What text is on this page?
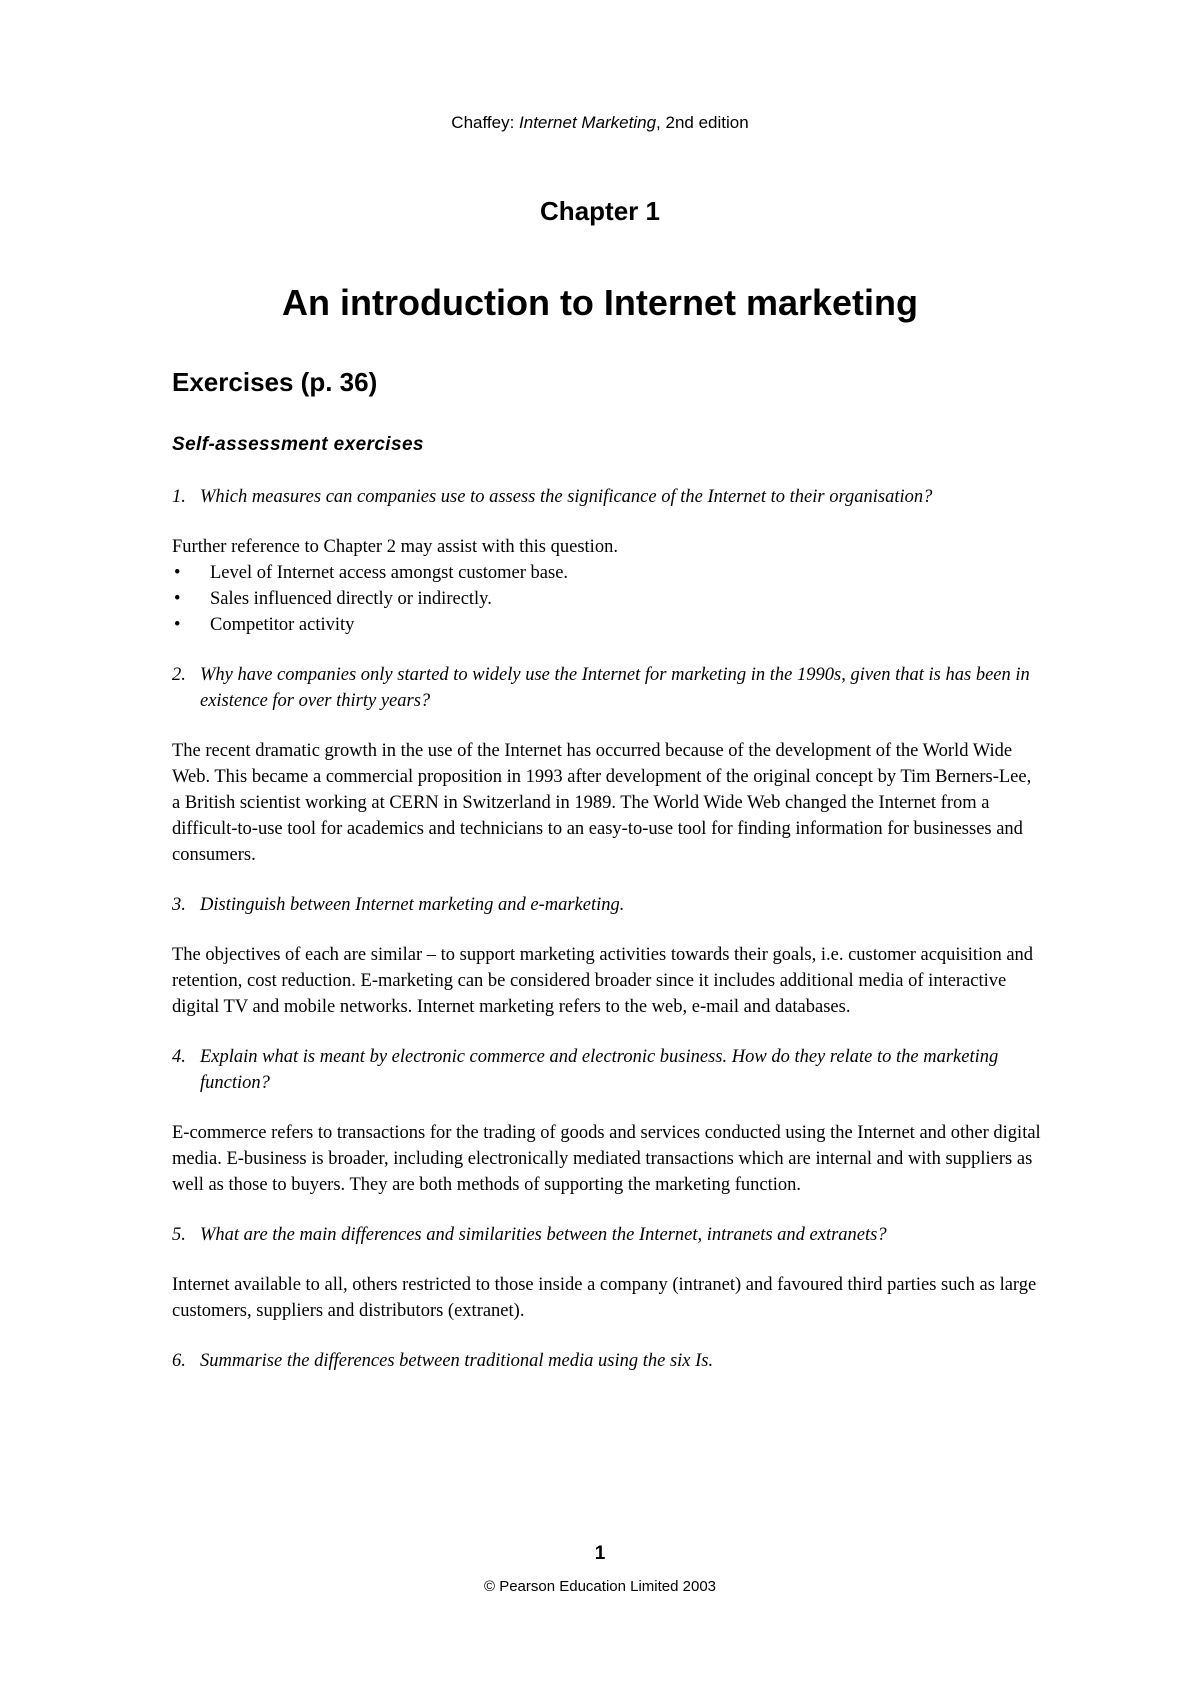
Chaffey: Internet Marketing, 2nd edition
Chapter 1
An introduction to Internet marketing
Exercises (p. 36)
Self-assessment exercises
1. Which measures can companies use to assess the significance of the Internet to their organisation?

Further reference to Chapter 2 may assist with this question.

•	Level of Internet access amongst customer base.
•	Sales influenced directly or indirectly.
•	Competitor activity
2. Why have companies only started to widely use the Internet for marketing in the 1990s, given that is has been in existence for over thirty years?

The recent dramatic growth in the use of the Internet has occurred because of the development of the World Wide Web. This became a commercial proposition in 1993 after development of the original concept by Tim Berners-Lee, a British scientist working at CERN in Switzerland in 1989. The World Wide Web changed the Internet from a difficult-to-use tool for academics and technicians to an easy-to-use tool for finding information for businesses and consumers.

3. Distinguish between Internet marketing and e-marketing.

The objectives of each are similar – to support marketing activities towards their goals, i.e. customer acquisition and retention, cost reduction. E-marketing can be considered broader since it includes additional media of interactive digital TV and mobile networks. Internet marketing refers to the web, e-mail and databases.

4. Explain what is meant by electronic commerce and electronic business. How do they relate to the marketing function?

E-commerce refers to transactions for the trading of goods and services conducted using the Internet and other digital media. E-business is broader, including electronically mediated transactions which are internal and with suppliers as well as those to buyers. They are both methods of supporting the marketing function.

5. What are the main differences and similarities between the Internet, intranets and extranets?

Internet available to all, others restricted to those inside a company (intranet) and favoured third parties such as large customers, suppliers and distributors (extranet).

6. Summarise the differences between traditional media using the six Is.
1
© Pearson Education Limited 2003
